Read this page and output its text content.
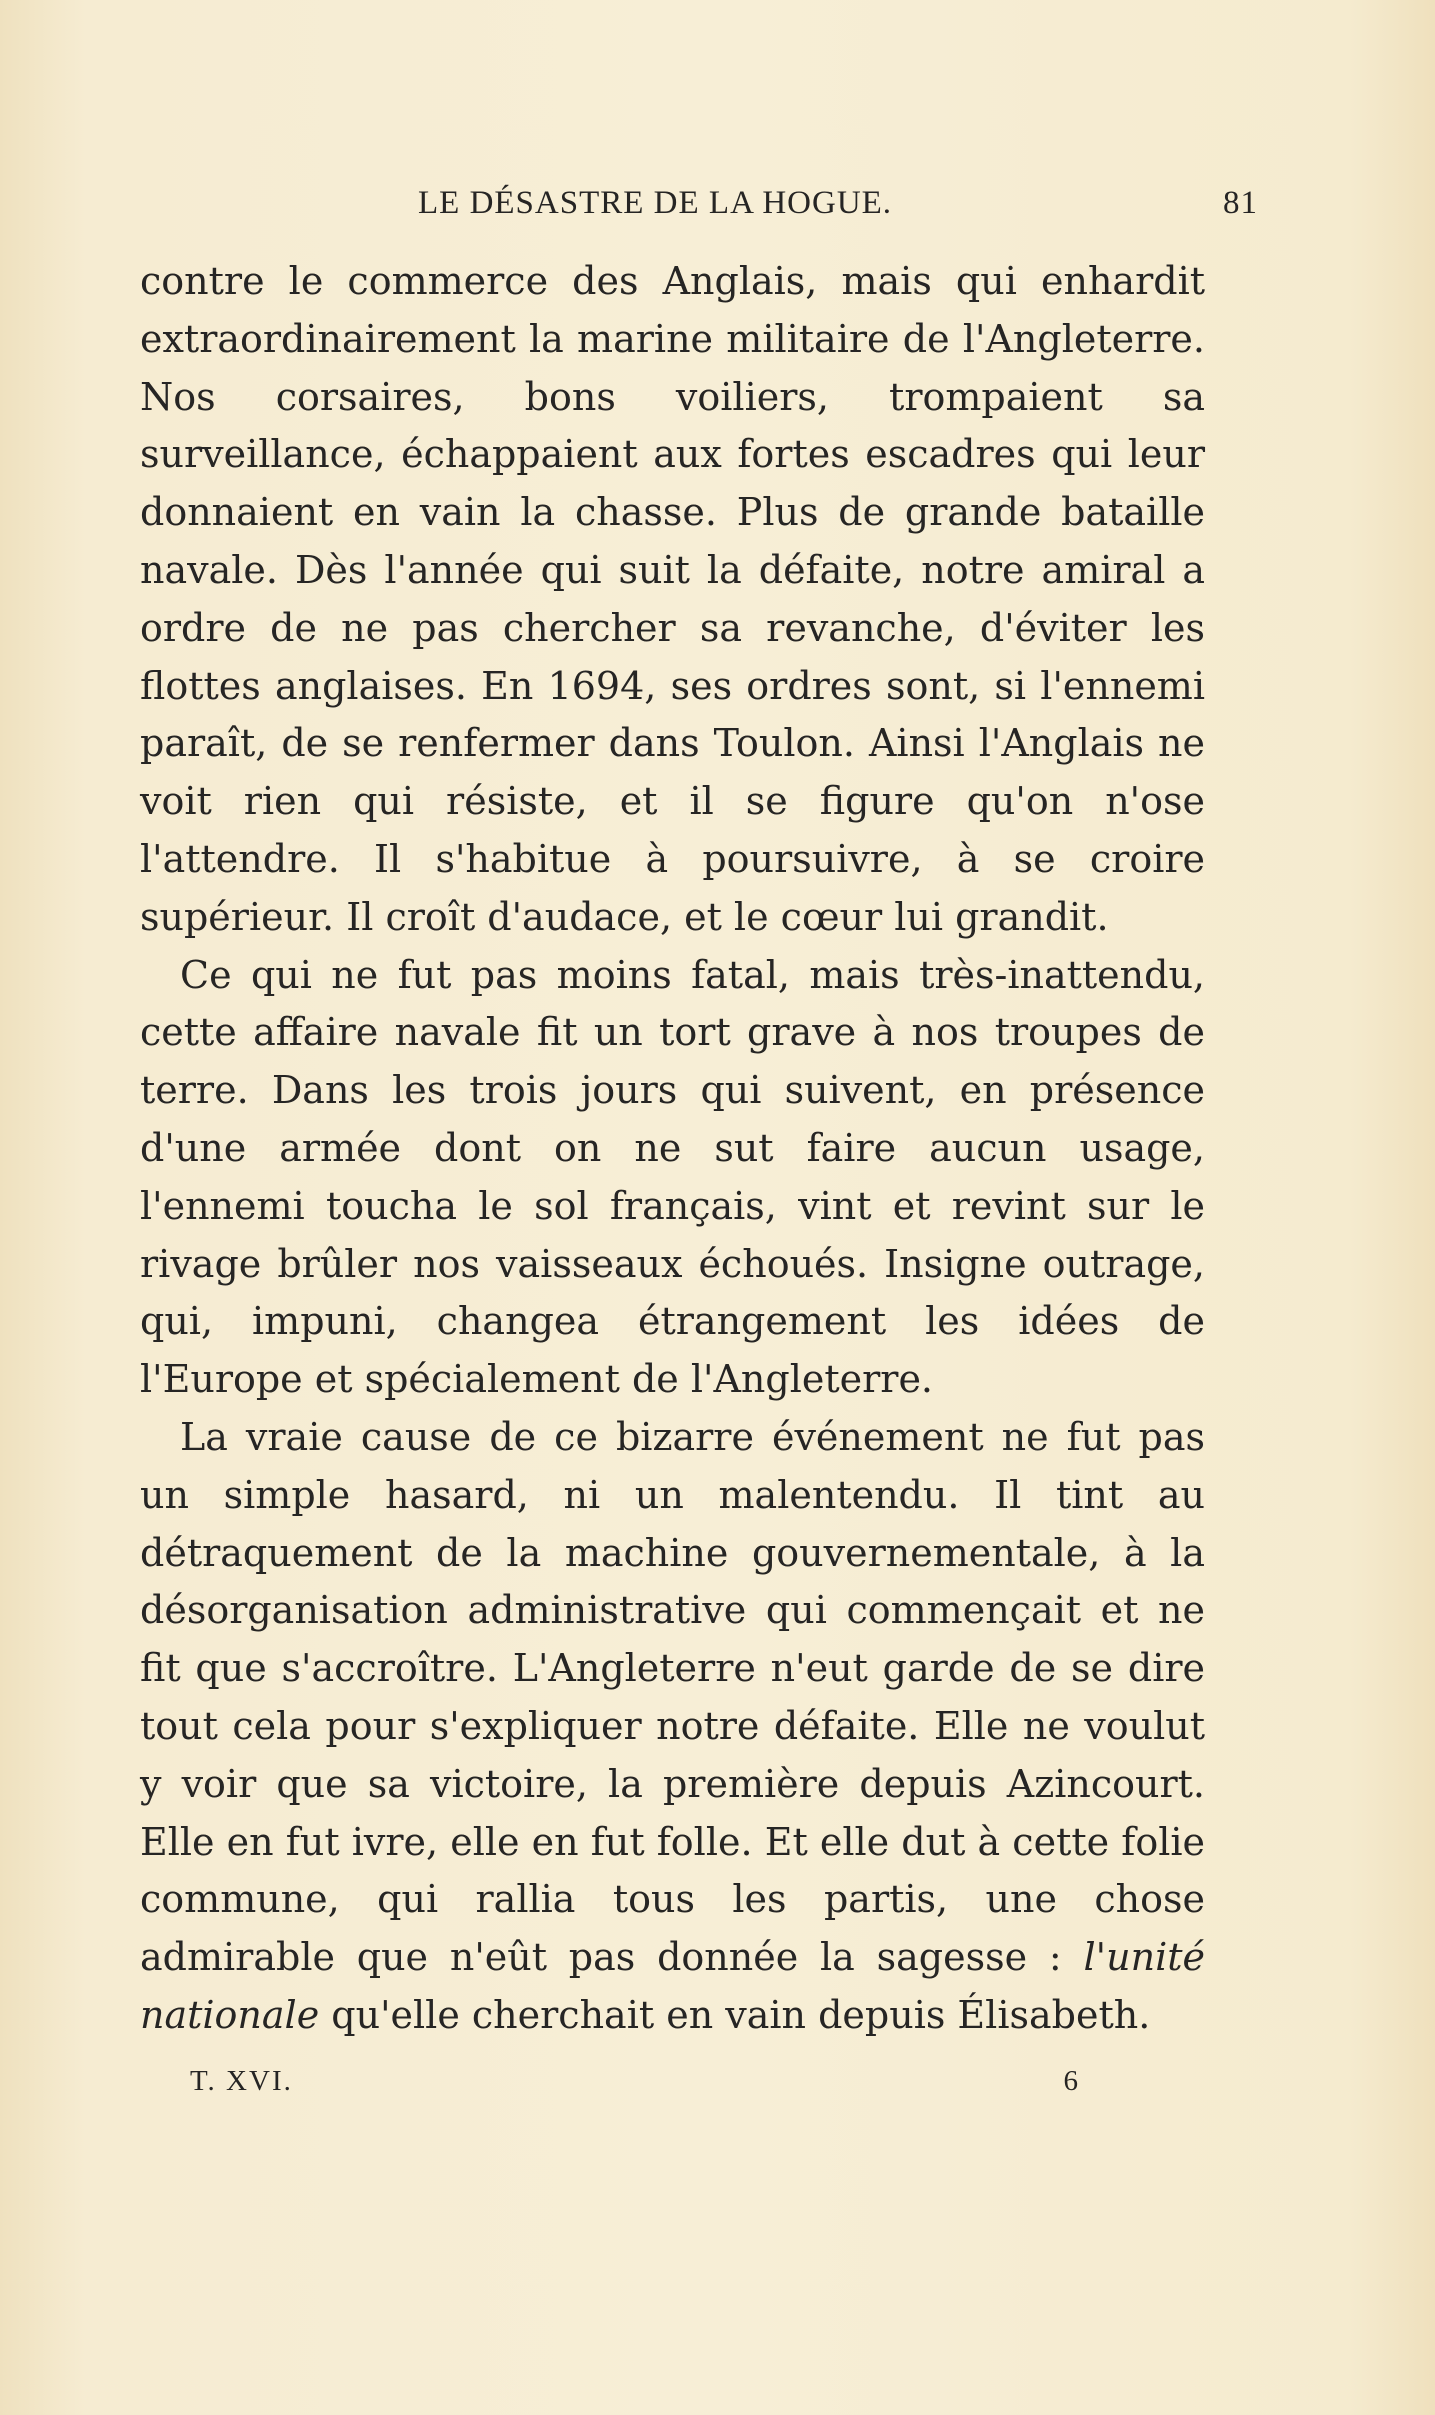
LE DÉSASTRE DE LA HOGUE.	81

contre le commerce des Anglais, mais qui enhardit extraordinairement la marine militaire de l'Angleterre. Nos corsaires, bons voiliers, trompaient sa surveillance, échappaient aux fortes escadres qui leur donnaient en vain la chasse. Plus de grande bataille navale. Dès l'année qui suit la défaite, notre amiral a ordre de ne pas chercher sa revanche, d'éviter les flottes anglaises. En 1694, ses ordres sont, si l'ennemi paraît, de se renfermer dans Toulon. Ainsi l'Anglais ne voit rien qui résiste, et il se figure qu'on n'ose l'attendre. Il s'habitue à poursuivre, à se croire supérieur. Il croît d'audace, et le cœur lui grandit.

Ce qui ne fut pas moins fatal, mais très-inattendu, cette affaire navale fit un tort grave à nos troupes de terre. Dans les trois jours qui suivent, en présence d'une armée dont on ne sut faire aucun usage, l'ennemi toucha le sol français, vint et revint sur le rivage brûler nos vaisseaux échoués. Insigne outrage, qui, impuni, changea étrangement les idées de l'Europe et spécialement de l'Angleterre.

La vraie cause de ce bizarre événement ne fut pas un simple hasard, ni un malentendu. Il tint au détraquement de la machine gouvernementale, à la désorganisation administrative qui commençait et ne fit que s'accroître. L'Angleterre n'eut garde de se dire tout cela pour s'expliquer notre défaite. Elle ne voulut y voir que sa victoire, la première depuis Azincourt. Elle en fut ivre, elle en fut folle. Et elle dut à cette folie commune, qui rallia tous les partis, une chose admirable que n'eût pas donnée la sagesse : l'unité nationale qu'elle cherchait en vain depuis Élisabeth.

T. XVI.	6
